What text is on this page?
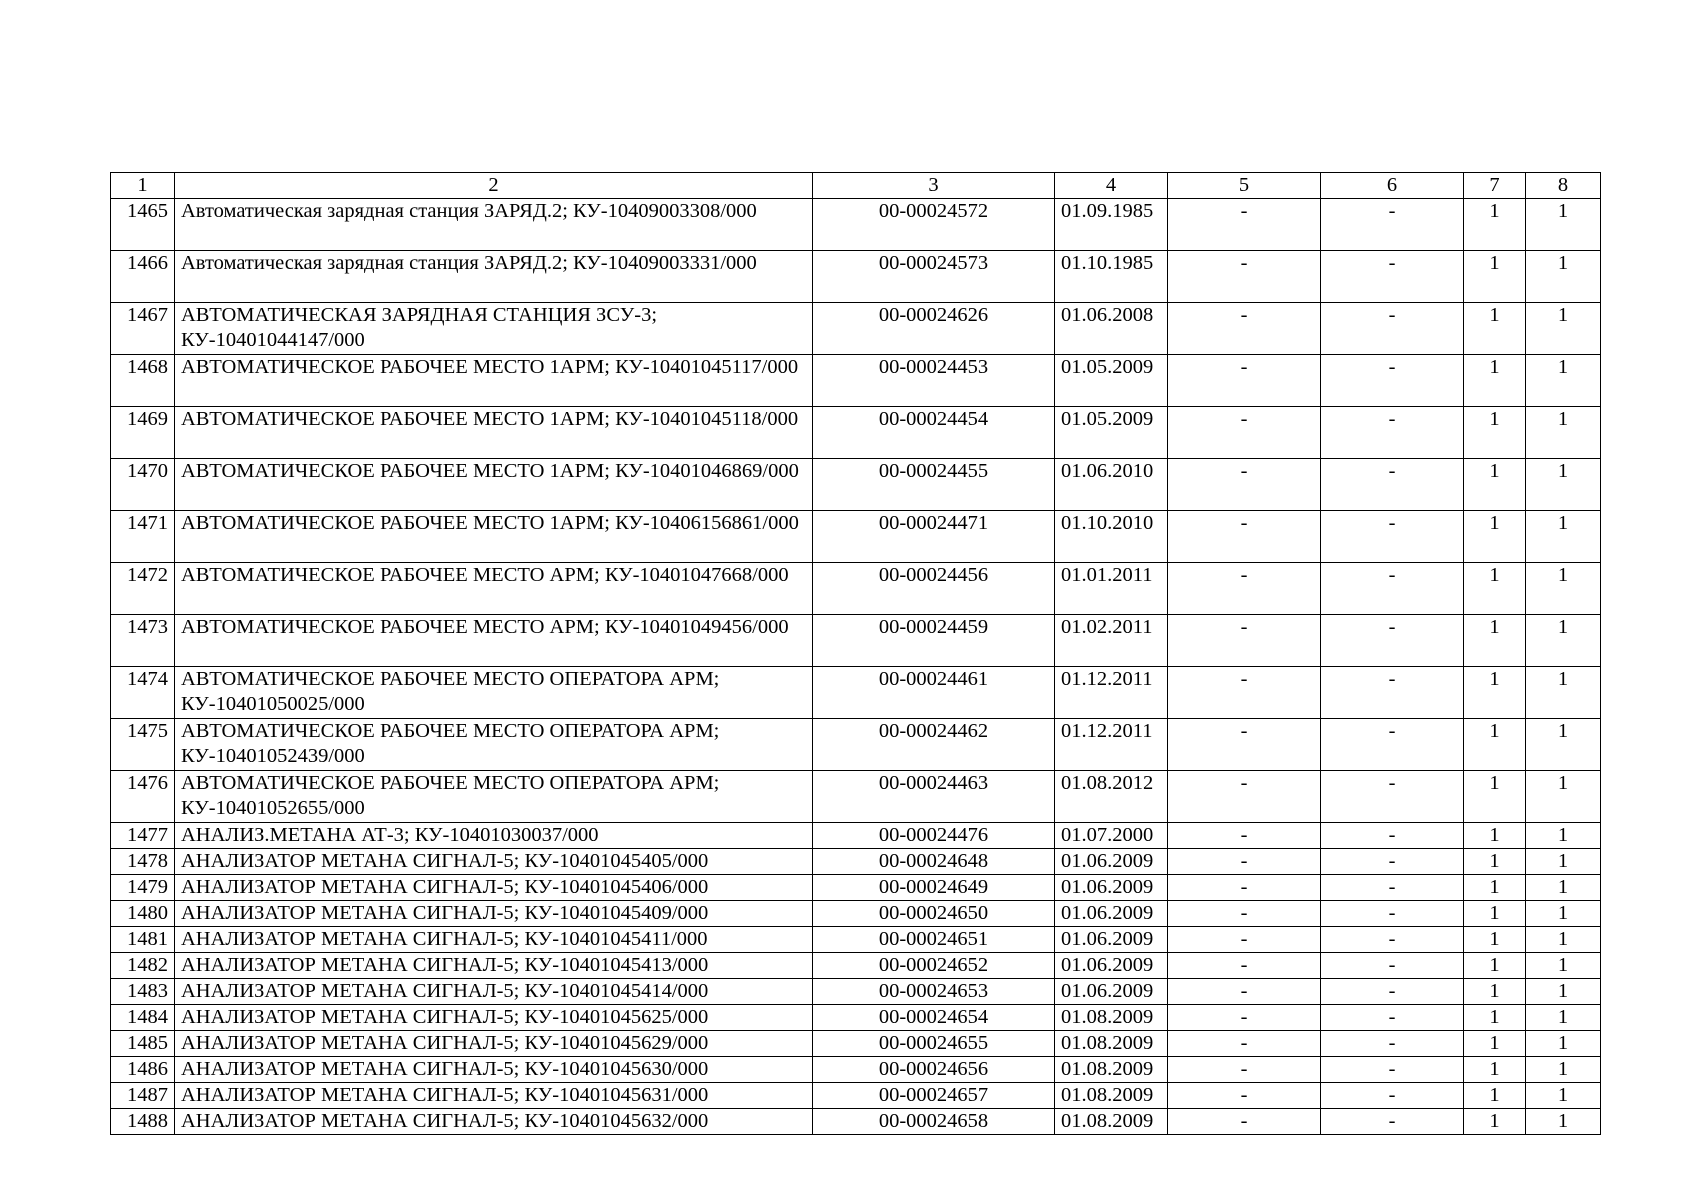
1	2	3	4	5	6	7	8
1465	Автоматическая зарядная станция ЗАРЯД.2; КУ-10409003308/000	00-00024572	01.09.1985	-	-	1	1
1466	Автоматическая зарядная станция ЗАРЯД.2; КУ-10409003331/000	00-00024573	01.10.1985	-	-	1	1
1467	АВТОМАТИЧЕСКАЯ ЗАРЯДНАЯ СТАНЦИЯ ЗСУ-3; КУ-10401044147/000	00-00024626	01.06.2008	-	-	1	1
1468	АВТОМАТИЧЕСКОЕ РАБОЧЕЕ МЕСТО 1АРМ; КУ-10401045117/000	00-00024453	01.05.2009	-	-	1	1
1469	АВТОМАТИЧЕСКОЕ РАБОЧЕЕ МЕСТО 1АРМ; КУ-10401045118/000	00-00024454	01.05.2009	-	-	1	1
1470	АВТОМАТИЧЕСКОЕ РАБОЧЕЕ МЕСТО 1АРМ; КУ-10401046869/000	00-00024455	01.06.2010	-	-	1	1
1471	АВТОМАТИЧЕСКОЕ РАБОЧЕЕ МЕСТО 1АРМ; КУ-10406156861/000	00-00024471	01.10.2010	-	-	1	1
1472	АВТОМАТИЧЕСКОЕ РАБОЧЕЕ МЕСТО АРМ; КУ-10401047668/000	00-00024456	01.01.2011	-	-	1	1
1473	АВТОМАТИЧЕСКОЕ РАБОЧЕЕ МЕСТО АРМ; КУ-10401049456/000	00-00024459	01.02.2011	-	-	1	1
1474	АВТОМАТИЧЕСКОЕ РАБОЧЕЕ МЕСТО ОПЕРАТОРА АРМ; КУ-10401050025/000	00-00024461	01.12.2011	-	-	1	1
1475	АВТОМАТИЧЕСКОЕ РАБОЧЕЕ МЕСТО ОПЕРАТОРА АРМ; КУ-10401052439/000	00-00024462	01.12.2011	-	-	1	1
1476	АВТОМАТИЧЕСКОЕ РАБОЧЕЕ МЕСТО ОПЕРАТОРА АРМ; КУ-10401052655/000	00-00024463	01.08.2012	-	-	1	1
1477	АНАЛИЗ.МЕТАНА АТ-3; КУ-10401030037/000	00-00024476	01.07.2000	-	-	1	1
1478	АНАЛИЗАТОР МЕТАНА СИГНАЛ-5; КУ-10401045405/000	00-00024648	01.06.2009	-	-	1	1
1479	АНАЛИЗАТОР МЕТАНА СИГНАЛ-5; КУ-10401045406/000	00-00024649	01.06.2009	-	-	1	1
1480	АНАЛИЗАТОР МЕТАНА СИГНАЛ-5; КУ-10401045409/000	00-00024650	01.06.2009	-	-	1	1
1481	АНАЛИЗАТОР МЕТАНА СИГНАЛ-5; КУ-10401045411/000	00-00024651	01.06.2009	-	-	1	1
1482	АНАЛИЗАТОР МЕТАНА СИГНАЛ-5; КУ-10401045413/000	00-00024652	01.06.2009	-	-	1	1
1483	АНАЛИЗАТОР МЕТАНА СИГНАЛ-5; КУ-10401045414/000	00-00024653	01.06.2009	-	-	1	1
1484	АНАЛИЗАТОР МЕТАНА СИГНАЛ-5; КУ-10401045625/000	00-00024654	01.08.2009	-	-	1	1
1485	АНАЛИЗАТОР МЕТАНА СИГНАЛ-5; КУ-10401045629/000	00-00024655	01.08.2009	-	-	1	1
1486	АНАЛИЗАТОР МЕТАНА СИГНАЛ-5; КУ-10401045630/000	00-00024656	01.08.2009	-	-	1	1
1487	АНАЛИЗАТОР МЕТАНА СИГНАЛ-5; КУ-10401045631/000	00-00024657	01.08.2009	-	-	1	1
1488	АНАЛИЗАТОР МЕТАНА СИГНАЛ-5; КУ-10401045632/000	00-00024658	01.08.2009	-	-	1	1
